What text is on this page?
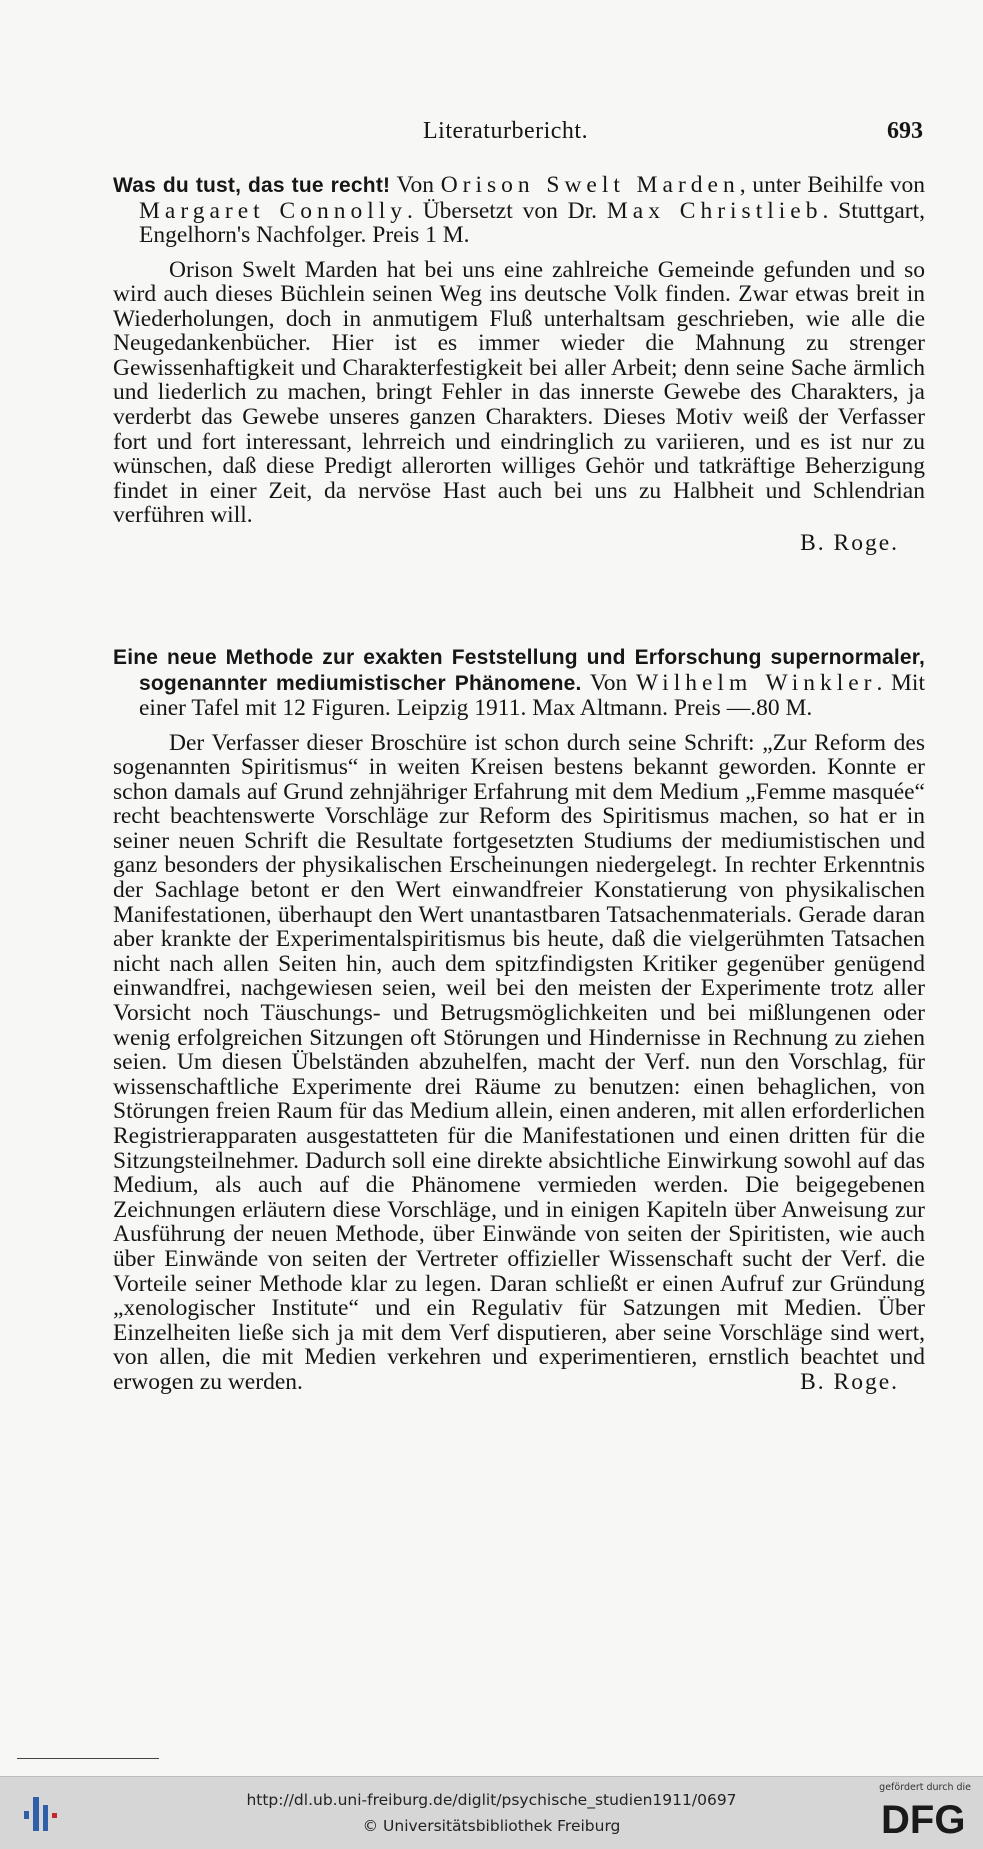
Literaturbericht.	693
Was du tust, das tue recht! Von Orison Swelt Marden, unter Beihilfe von Margaret Connolly. Übersetzt von Dr. Max Christlieb. Stuttgart, Engelhorn's Nachfolger. Preis 1 M.
Orison Swelt Marden hat bei uns eine zahlreiche Gemeinde gefunden und so wird auch dieses Büchlein seinen Weg ins deutsche Volk finden. Zwar etwas breit in Wiederholungen, doch in anmutigem Fluß unterhaltsam geschrieben, wie alle die Neugedankenbücher. Hier ist es immer wieder die Mahnung zu strenger Gewissenhaftigkeit und Charakterfestigkeit bei aller Arbeit; denn seine Sache ärmlich und liederlich zu machen, bringt Fehler in das innerste Gewebe des Charakters, ja verderbt das Gewebe unseres ganzen Charakters. Dieses Motiv weiß der Verfasser fort und fort interessant, lehrreich und eindringlich zu variieren, und es ist nur zu wünschen, daß diese Predigt allerorten williges Gehör und tatkräftige Beherzigung findet in einer Zeit, da nervöse Hast auch bei uns zu Halbheit und Schlendrian verführen will.
B. Roge.
Eine neue Methode zur exakten Feststellung und Erforschung supernormaler, sogenannter mediumistischer Phänomene. Von Wilhelm Winkler. Mit einer Tafel mit 12 Figuren. Leipzig 1911. Max Altmann. Preis —.80 M.
Der Verfasser dieser Broschüre ist schon durch seine Schrift: „Zur Reform des sogenannten Spiritismus“ in weiten Kreisen bestens bekannt geworden. Konnte er schon damals auf Grund zehnjähriger Erfahrung mit dem Medium „Femme masquée“ recht beachtenswerte Vorschläge zur Reform des Spiritismus machen, so hat er in seiner neuen Schrift die Resultate fortgesetzten Studiums der mediumistischen und ganz besonders der physikalischen Erscheinungen niedergelegt. In rechter Erkenntnis der Sachlage betont er den Wert einwandfreier Konstatierung von physikalischen Manifestationen, überhaupt den Wert unantastbaren Tatsachenmaterials. Gerade daran aber krankte der Experimentalspiritismus bis heute, daß die vielgerühmten Tatsachen nicht nach allen Seiten hin, auch dem spitzfindigsten Kritiker gegenüber genügend einwandfrei, nachgewiesen seien, weil bei den meisten der Experimente trotz aller Vorsicht noch Täuschungs- und Betrugsmöglichkeiten und bei mißlungenen oder wenig erfolgreichen Sitzungen oft Störungen und Hindernisse in Rechnung zu ziehen seien. Um diesen Übelständen abzuhelfen, macht der Verf. nun den Vorschlag, für wissenschaftliche Experimente drei Räume zu benutzen: einen behaglichen, von Störungen freien Raum für das Medium allein, einen anderen, mit allen erforderlichen Registrierapparaten ausgestatteten für die Manifestationen und einen dritten für die Sitzungsteilnehmer. Dadurch soll eine direkte absichtliche Einwirkung sowohl auf das Medium, als auch auf die Phänomene vermieden werden. Die beigegebenen Zeichnungen erläutern diese Vorschläge, und in einigen Kapiteln über Anweisung zur Ausführung der neuen Methode, über Einwände von seiten der Spiritisten, wie auch über Einwände von seiten der Vertreter offizieller Wissenschaft sucht der Verf. die Vorteile seiner Methode klar zu legen. Daran schließt er einen Aufruf zur Gründung „xenologischer Institute“ und ein Regulativ für Satzungen mit Medien. Über Einzelheiten ließe sich ja mit dem Verf disputieren, aber seine Vorschläge sind wert, von allen, die mit Medien verkehren und experimentieren, ernstlich beachtet und erwogen zu werden.	B. Roge.
http://dl.ub.uni-freiburg.de/diglit/psychische_studien1911/0697
© Universitätsbibliothek Freiburg
gefördert durch die
DFG
